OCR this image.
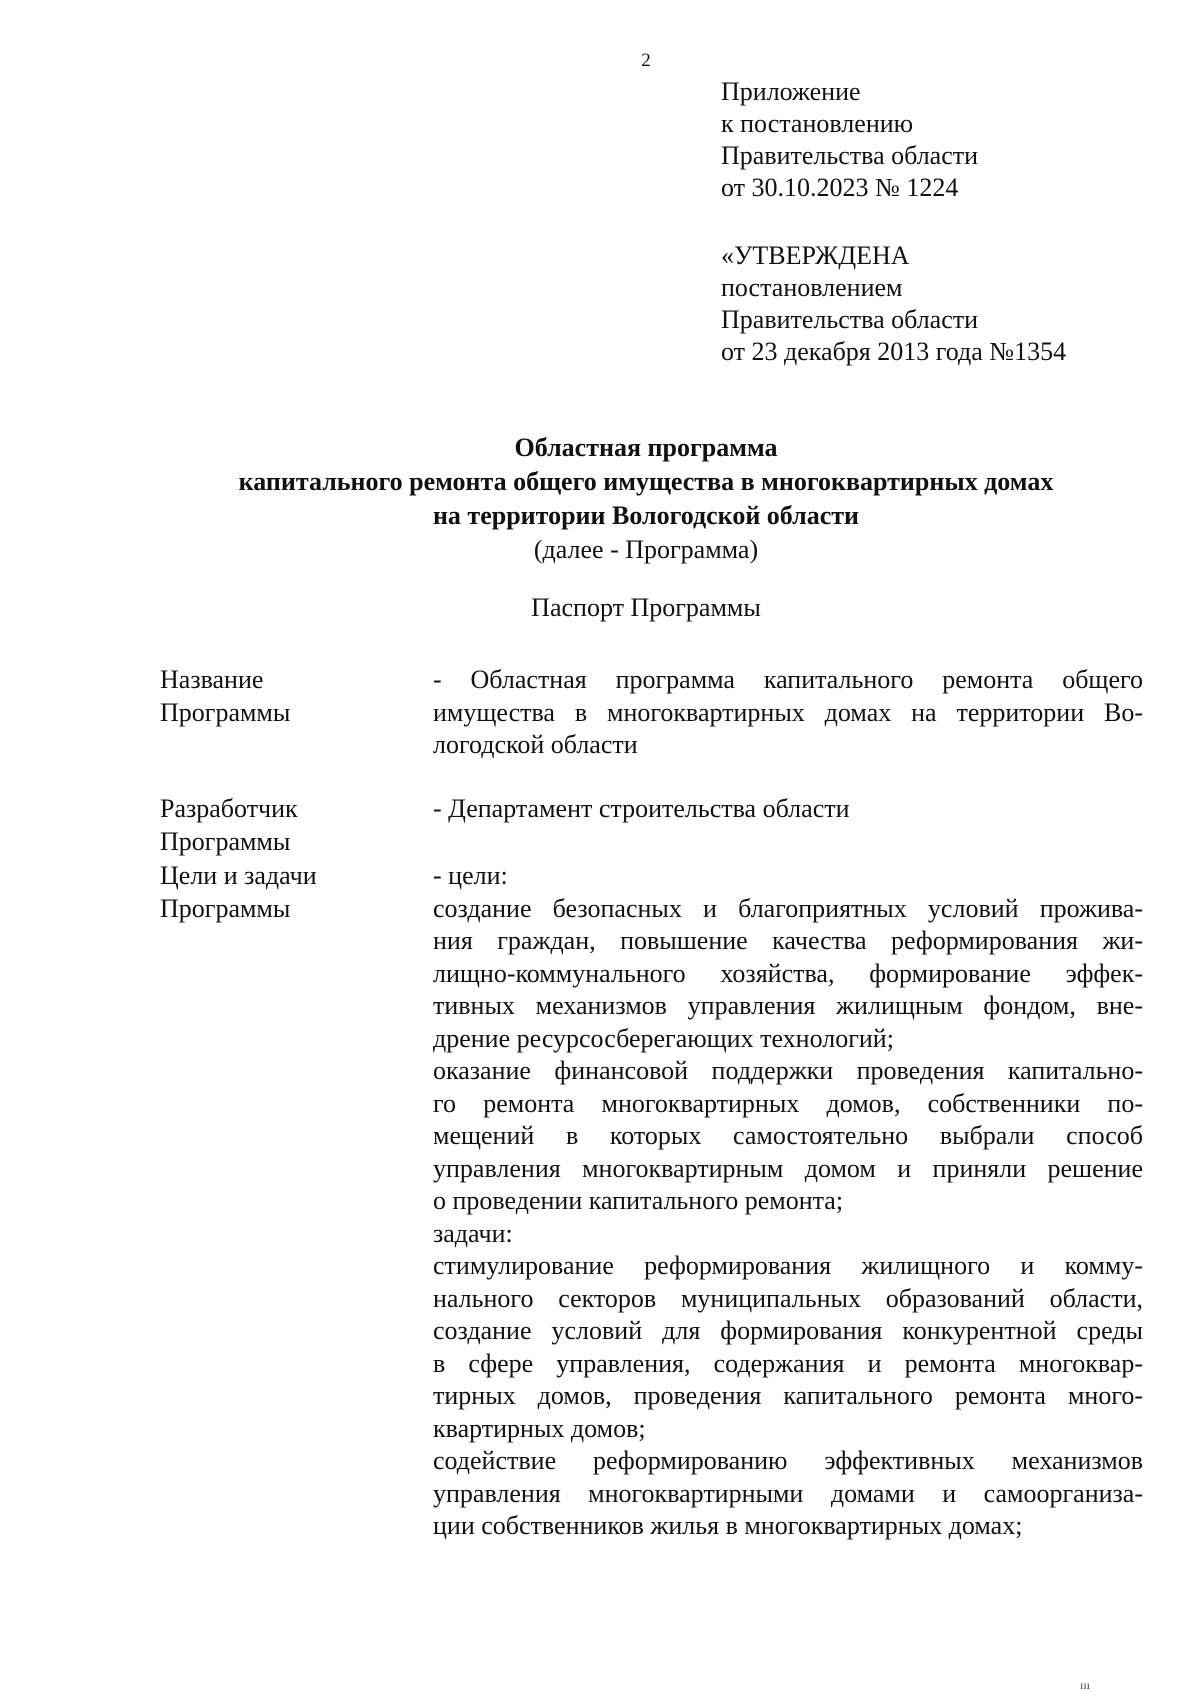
2
Приложение
к постановлению
Правительства области
от 30.10.2023 № 1224
«УТВЕРЖДЕНА
постановлением
Правительства области
от 23 декабря 2013 года №1354
Областная программа
капитального ремонта общего имущества в многоквартирных домах
на территории Вологодской области
(далее - Программа)
Паспорт Программы
Название
Программы
- Областная программа капитального ремонта общего
имущества в многоквартирных домах на территории Во-
логодской области
Разработчик
Программы
- Департамент строительства области
Цели и задачи
Программы
- цели:
создание безопасных и благоприятных условий прожива-
ния граждан, повышение качества реформирования жи-
лищно-коммунального хозяйства, формирование эффек-
тивных механизмов управления жилищным фондом, вне-
дрение ресурсосберегающих технологий;
оказание финансовой поддержки проведения капитально-
го ремонта многоквартирных домов, собственники по-
мещений в которых самостоятельно выбрали способ
управления многоквартирным домом и приняли решение
о проведении капитального ремонта;
задачи:
стимулирование реформирования жилищного и комму-
нального секторов муниципальных образований области,
создание условий для формирования конкурентной среды
в сфере управления, содержания и ремонта многоквар-
тирных домов, проведения капитального ремонта много-
квартирных домов;
содействие реформированию эффективных механизмов
управления многоквартирными домами и самоорганиза-
ции собственников жилья в многоквартирных домах;
ııı
